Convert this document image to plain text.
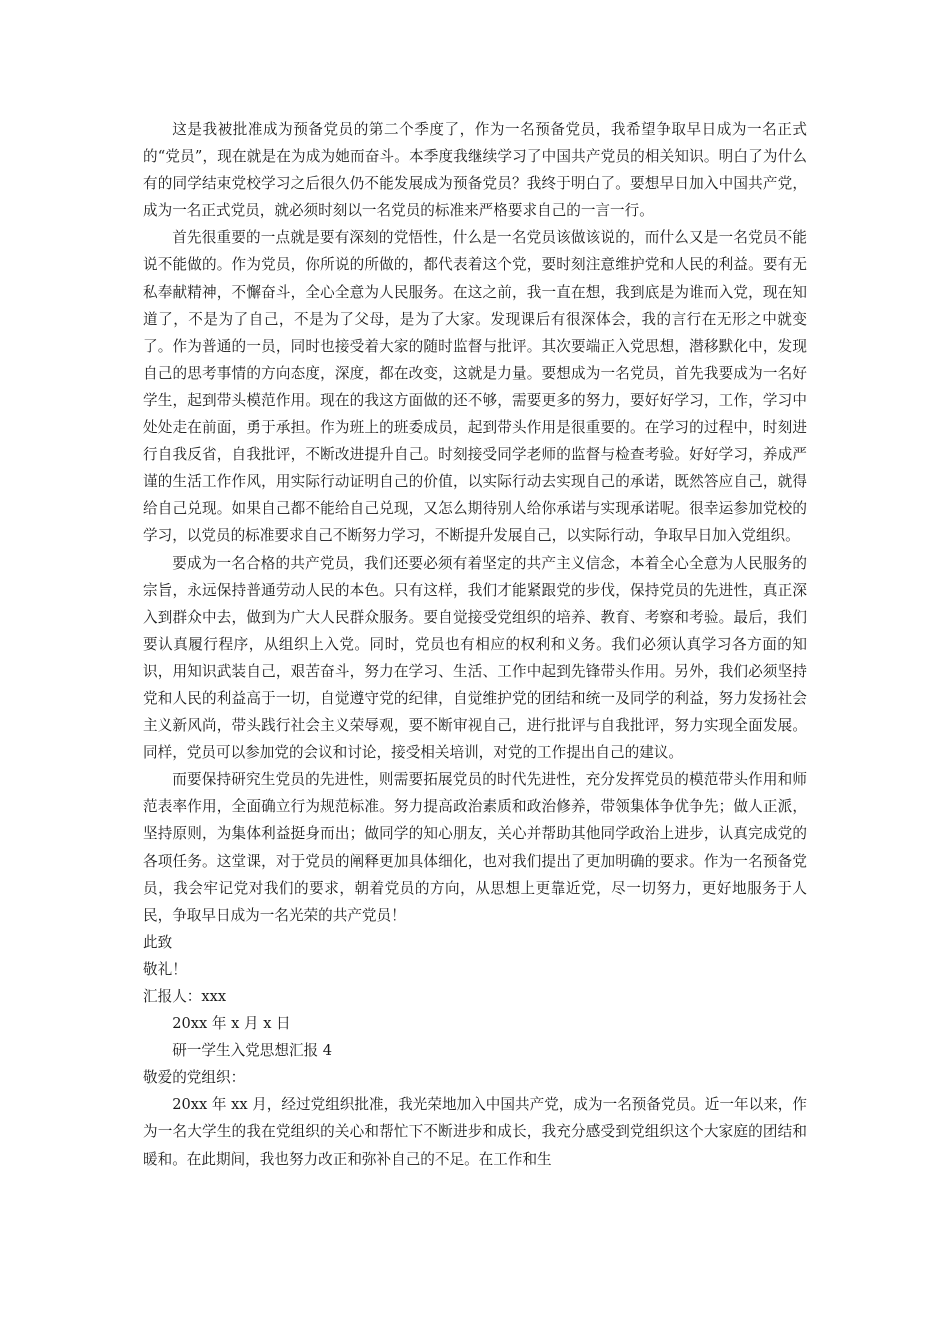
这是我被批准成为预备党员的第二个季度了，作为一名预备党员，我希望争取早日成为一名正式的“党员”，现在就是在为成为她而奋斗。本季度我继续学习了中国共产党员的相关知识。明白了为什么有的同学结束党校学习之后很久仍不能发展成为预备党员？我终于明白了。要想早日加入中国共产党，成为一名正式党员，就必须时刻以一名党员的标准来严格要求自己的一言一行。

首先很重要的一点就是要有深刻的党悟性，什么是一名党员该做该说的，而什么又是一名党员不能说不能做的。作为党员，你所说的所做的，都代表着这个党，要时刻注意维护党和人民的利益。要有无私奉献精神，不懈奋斗，全心全意为人民服务。在这之前，我一直在想，我到底是为谁而入党，现在知道了，不是为了自己，不是为了父母，是为了大家。发现课后有很深体会，我的言行在无形之中就变了。作为普通的一员，同时也接受着大家的随时监督与批评。其次要端正入党思想，潜移默化中，发现自己的思考事情的方向态度，深度，都在改变，这就是力量。要想成为一名党员，首先我要成为一名好学生，起到带头模范作用。现在的我这方面做的还不够，需要更多的努力，要好好学习，工作，学习中处处走在前面，勇于承担。作为班上的班委成员，起到带头作用是很重要的。在学习的过程中，时刻进行自我反省，自我批评，不断改进提升自己。时刻接受同学老师的监督与检查考验。好好学习，养成严谨的生活工作作风，用实际行动证明自己的价值，以实际行动去实现自己的承诺，既然答应自己，就得给自己兑现。如果自己都不能给自己兑现，又怎么期待别人给你承诺与实现承诺呢。很幸运参加党校的学习，以党员的标准要求自己不断努力学习，不断提升发展自己，以实际行动，争取早日加入党组织。

要成为一名合格的共产党员，我们还要必须有着坚定的共产主义信念，本着全心全意为人民服务的宗旨，永远保持普通劳动人民的本色。只有这样，我们才能紧跟党的步伐，保持党员的先进性，真正深入到群众中去，做到为广大人民群众服务。要自觉接受党组织的培养、教育、考察和考验。最后，我们要认真履行程序，从组织上入党。同时，党员也有相应的权利和义务。我们必须认真学习各方面的知识，用知识武装自己，艰苦奋斗，努力在学习、生活、工作中起到先锋带头作用。另外，我们必须坚持党和人民的利益高于一切，自觉遵守党的纪律，自觉维护党的团结和统一及同学的利益，努力发扬社会主义新风尚，带头践行社会主义荣辱观，要不断审视自己，进行批评与自我批评，努力实现全面发展。同样，党员可以参加党的会议和讨论，接受相关培训，对党的工作提出自己的建议。

而要保持研究生党员的先进性，则需要拓展党员的时代先进性，充分发挥党员的模范带头作用和师范表率作用，全面确立行为规范标准。努力提高政治素质和政治修养，带领集体争优争先；做人正派，坚持原则，为集体利益挺身而出；做同学的知心朋友，关心并帮助其他同学政治上进步，认真完成党的各项任务。这堂课，对于党员的阐释更加具体细化，也对我们提出了更加明确的要求。作为一名预备党员，我会牢记党对我们的要求，朝着党员的方向，从思想上更靠近党，尽一切努力，更好地服务于人民，争取早日成为一名光荣的共产党员！

此致

敬礼！

汇报人：xxx

20xx 年 x 月 x 日

研一学生入党思想汇报 4

敬爱的党组织：

20xx 年 xx 月，经过党组织批准，我光荣地加入中国共产党，成为一名预备党员。近一年以来，作为一名大学生的我在党组织的关心和帮忙下不断进步和成长，我充分感受到党组织这个大家庭的团结和暖和。在此期间，我也努力改正和弥补自己的不足。在工作和生
